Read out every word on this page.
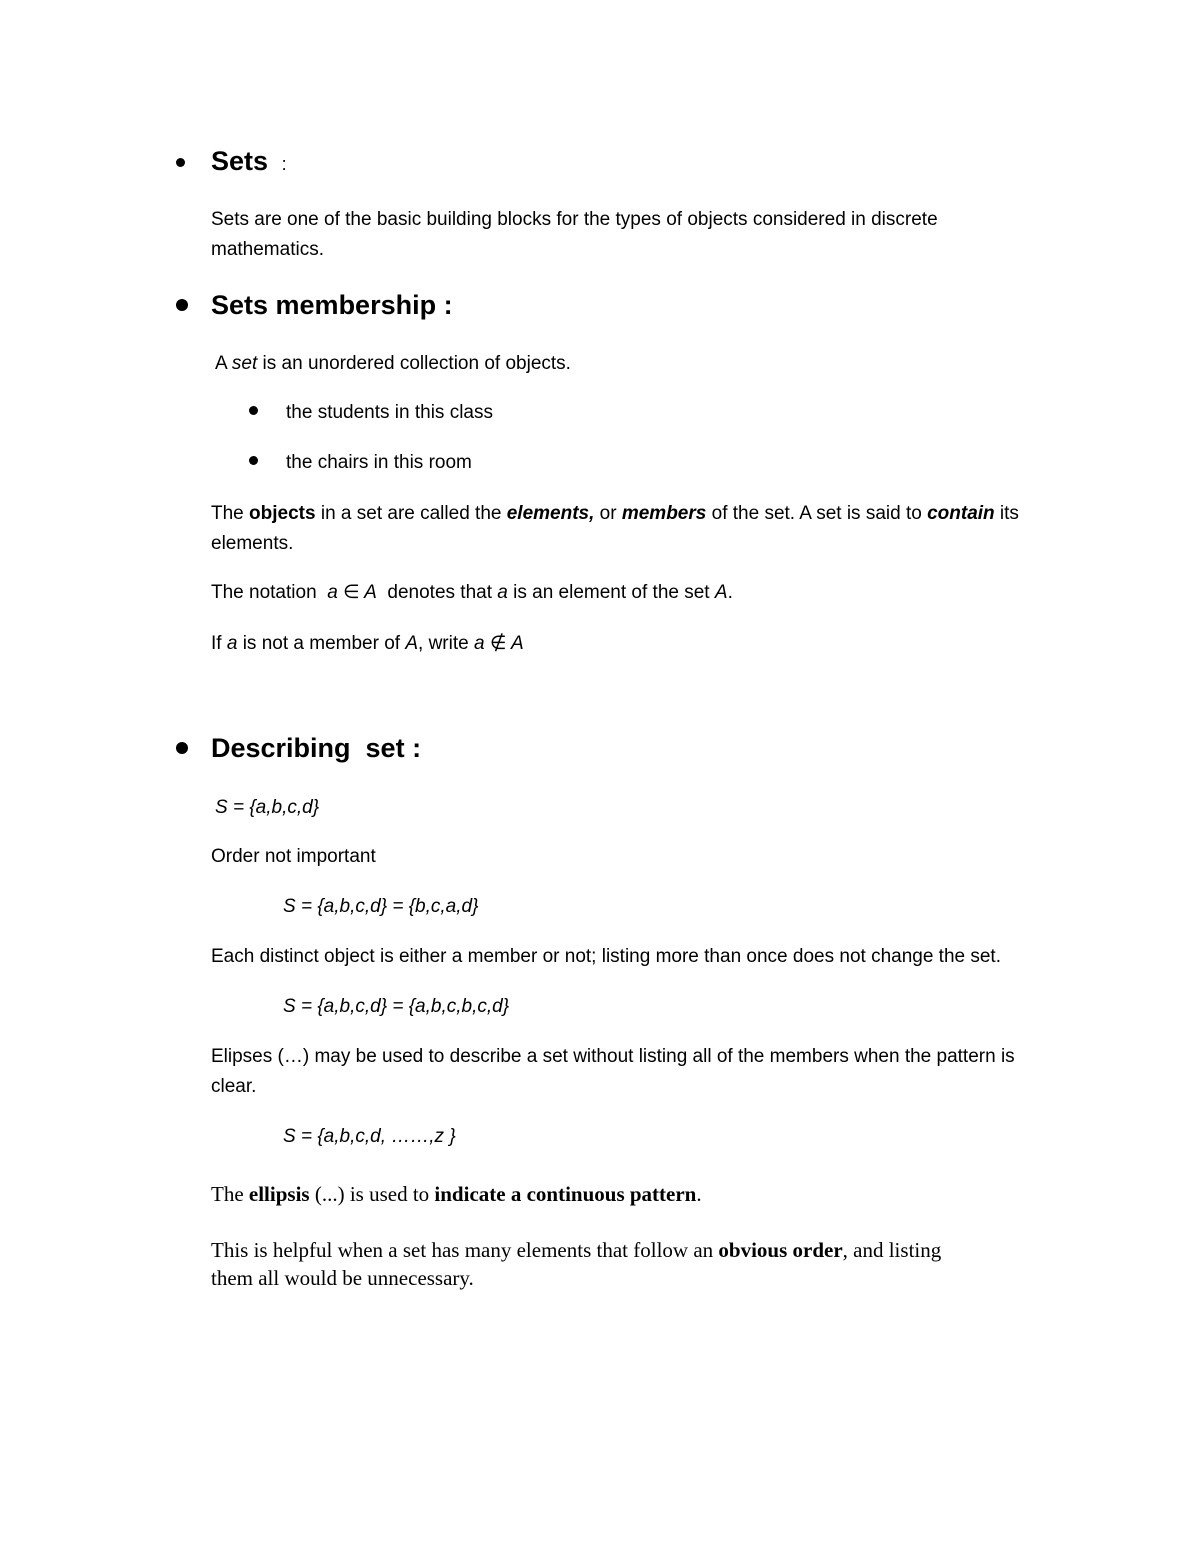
Sets :
Sets are one of the basic building blocks for the types of objects considered in discrete
mathematics.
Sets membership :
A set is an unordered collection of objects.
the students in this class
the chairs in this room
The objects in a set are called the elements, or members of the set. A set is said to contain its
elements.
The notation  a ∈ A  denotes that a is an element of the set A.
If a is not a member of A, write a ∉ A
Describing  set :
S = {a,b,c,d}
Order not important
S = {a,b,c,d} = {b,c,a,d}
Each distinct object is either a member or not; listing more than once does not change the set.
S = {a,b,c,d} = {a,b,c,b,c,d}
Elipses (…) may be used to describe a set without listing all of the members when the pattern is
clear.
S = {a,b,c,d, ……,z }
The ellipsis (...) is used to indicate a continuous pattern.
This is helpful when a set has many elements that follow an obvious order, and listing
them all would be unnecessary.
